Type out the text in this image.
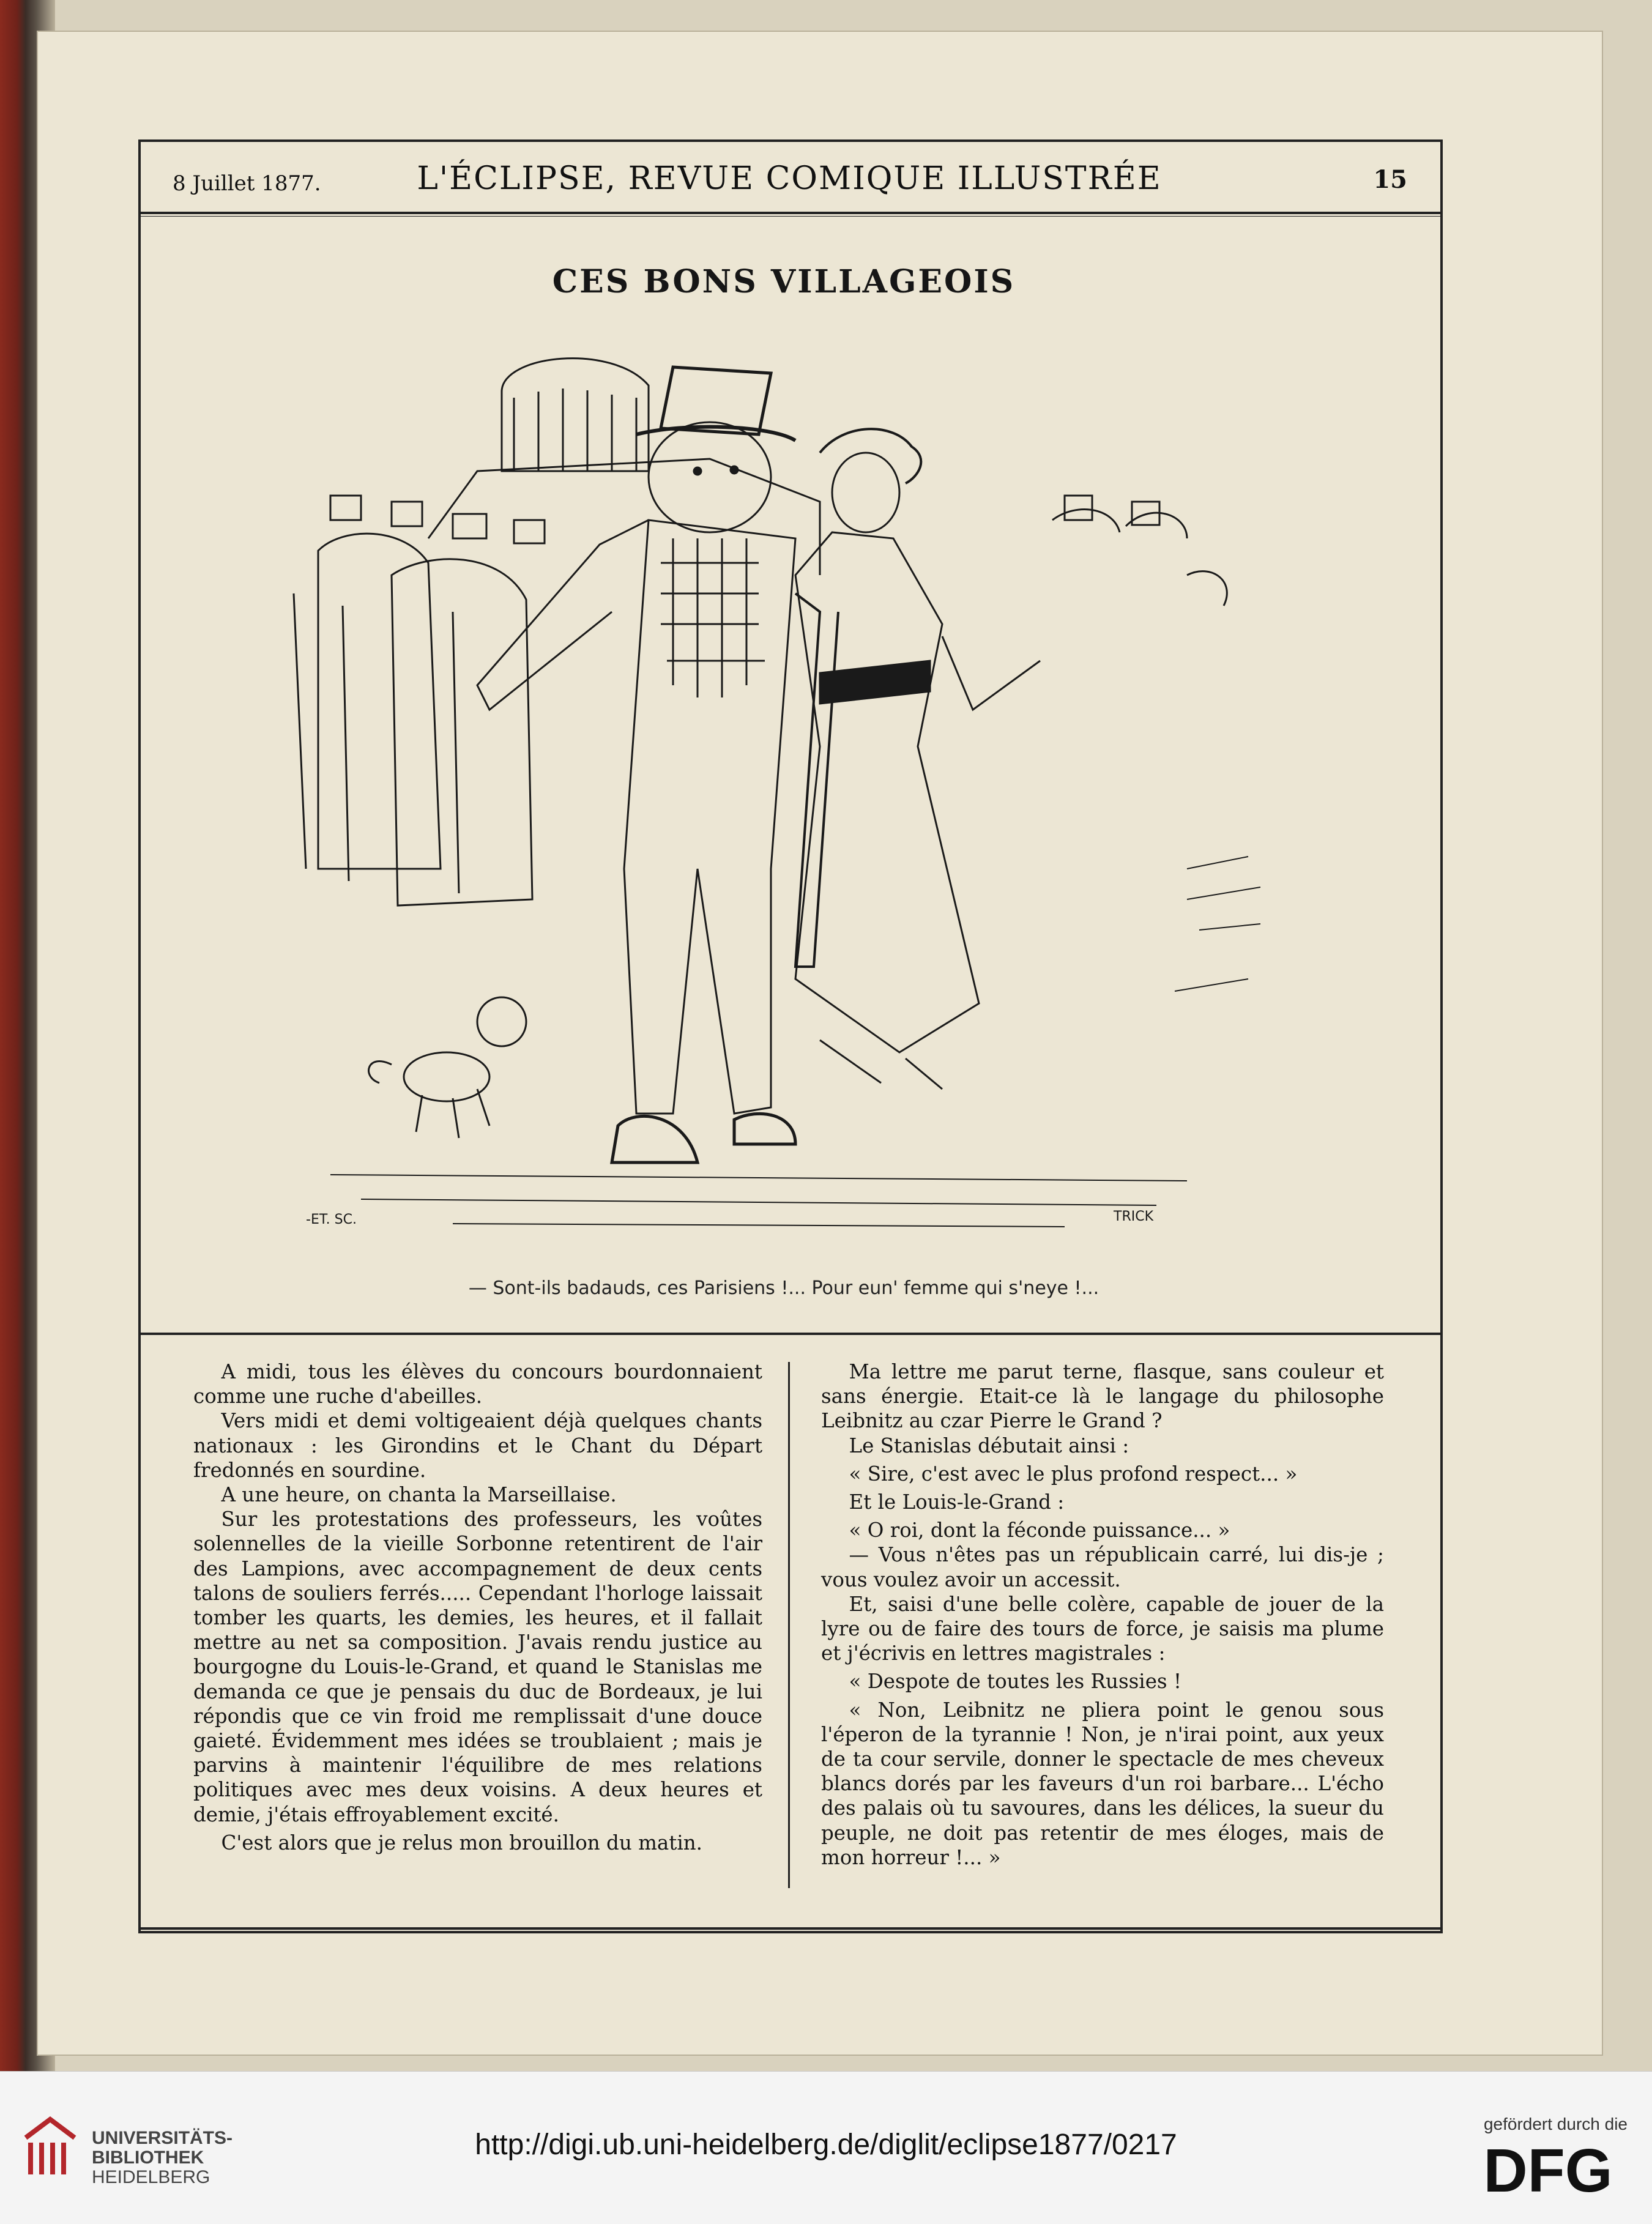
8 Juillet 1877.	L'ÉCLIPSE, REVUE COMIQUE ILLUSTRÉE	15
CES BONS VILLAGEOIS
-ET. SC.	TRICK
— Sont-ils badauds, ces Parisiens !... Pour eun' femme qui s'neye !...

A midi, tous les élèves du concours bourdonnaient comme une ruche d'abeilles.

Vers midi et demi voltigeaient déjà quelques chants nationaux : les Girondins et le Chant du Départ fredonnés en sourdine.

A une heure, on chanta la Marseillaise.

Sur les protestations des professeurs, les voûtes solennelles de la vieille Sorbonne retentirent de l'air des Lampions, avec accompagnement de deux cents talons de souliers ferrés..... Cependant l'horloge laissait tomber les quarts, les demies, les heures, et il fallait mettre au net sa composition. J'avais rendu justice au bourgogne du Louis-le-Grand, et quand le Stanislas me demanda ce que je pensais du duc de Bordeaux, je lui répondis que ce vin froid me remplissait d'une douce gaieté. Évidemment mes idées se troublaient ; mais je parvins à maintenir l'équilibre de mes relations politiques avec mes deux voisins. A deux heures et demie, j'étais effroyablement excité.

C'est alors que je relus mon brouillon du matin.

Ma lettre me parut terne, flasque, sans couleur et sans énergie. Etait-ce là le langage du philosophe Leibnitz au czar Pierre le Grand ?

Le Stanislas débutait ainsi :

« Sire, c'est avec le plus profond respect... »

Et le Louis-le-Grand :

« O roi, dont la féconde puissance... »

— Vous n'êtes pas un républicain carré, lui dis-je ; vous voulez avoir un accessit.

Et, saisi d'une belle colère, capable de jouer de la lyre ou de faire des tours de force, je saisis ma plume et j'écrivis en lettres magistrales :

« Despote de toutes les Russies !

« Non, Leibnitz ne pliera point le genou sous l'éperon de la tyrannie ! Non, je n'irai point, aux yeux de ta cour servile, donner le spectacle de mes cheveux blancs dorés par les faveurs d'un roi barbare... L'écho des palais où tu savoures, dans les délices, la sueur du peuple, ne doit pas retentir de mes éloges, mais de mon horreur !... »

UNIVERSITÄTS-
BIBLIOTHEK
HEIDELBERG
http://digi.ub.uni-heidelberg.de/diglit/eclipse1877/0217
gefördert durch die
DFG
